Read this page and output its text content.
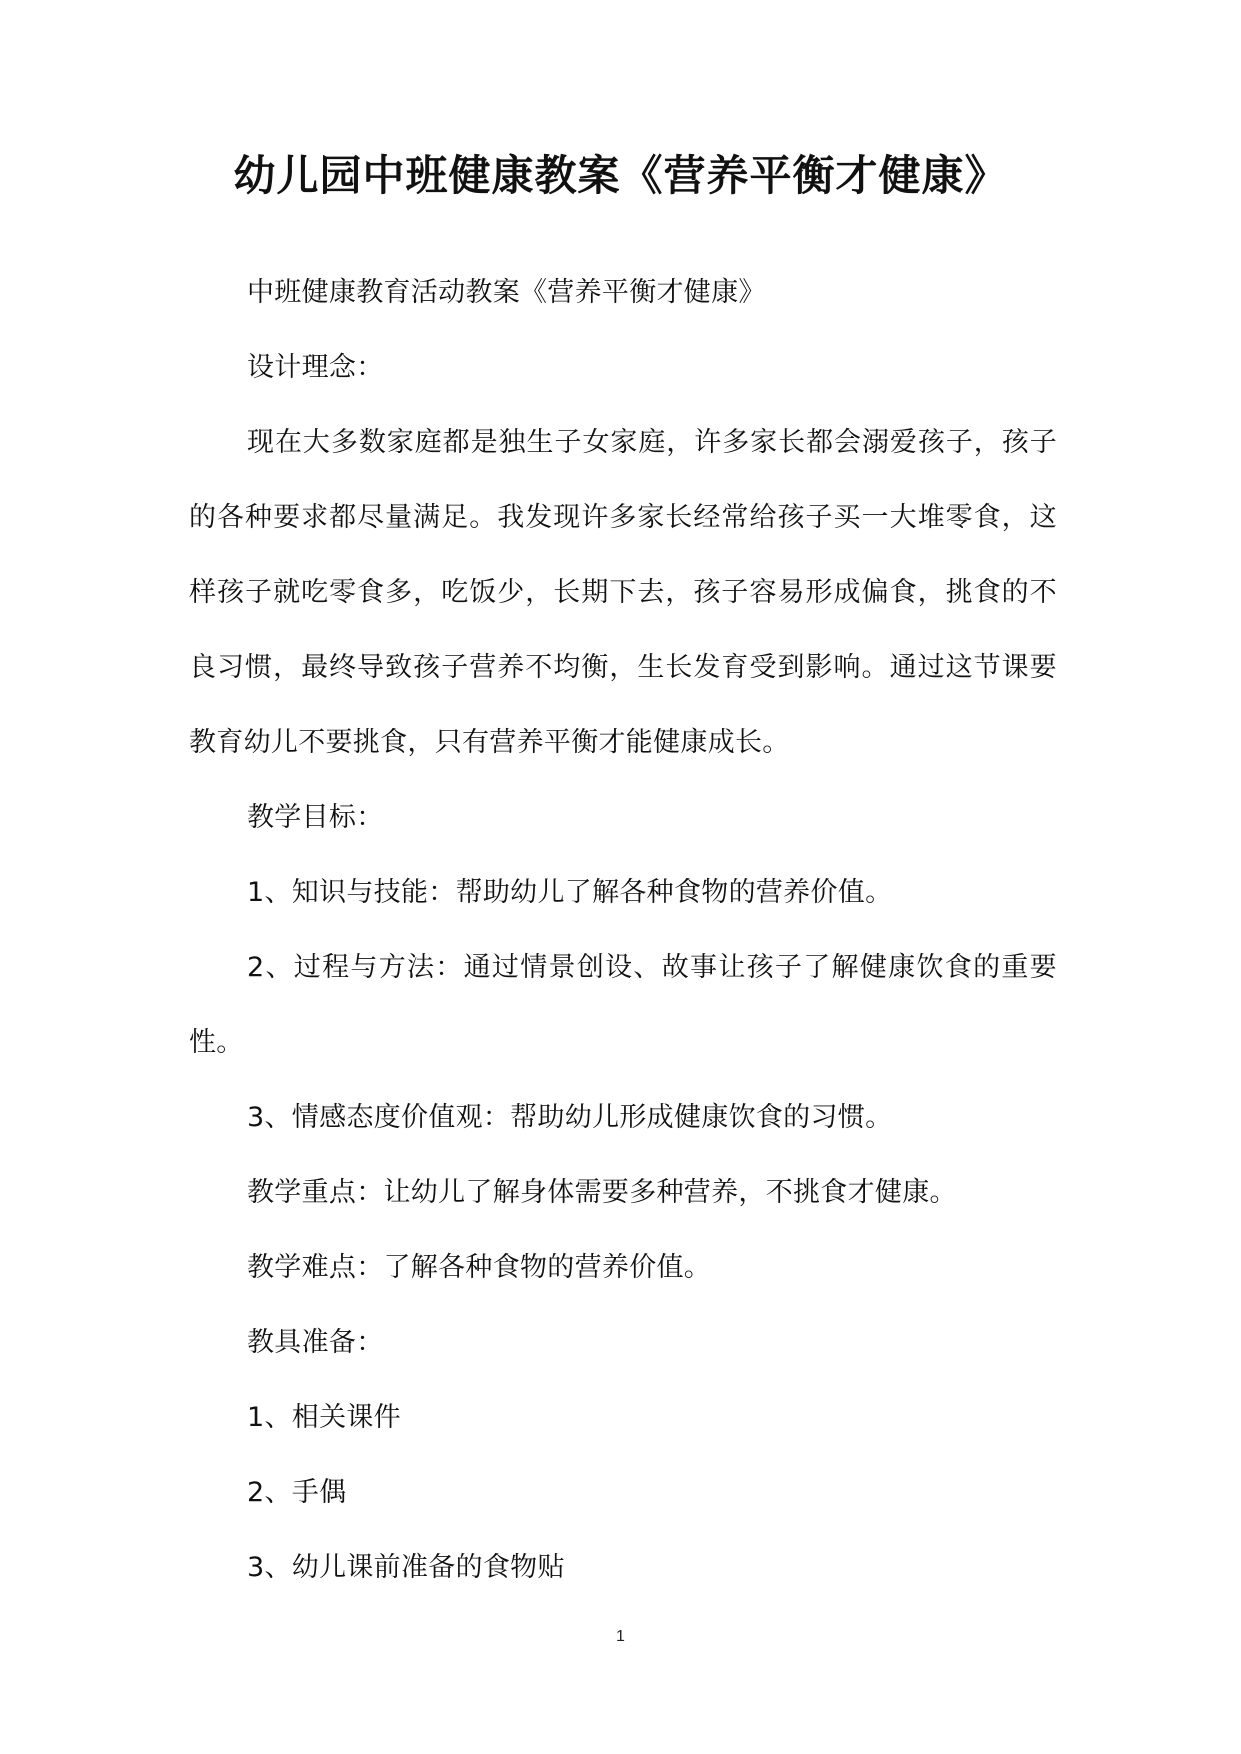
幼儿园中班健康教案《营养平衡才健康》

中班健康教育活动教案《营养平衡才健康》

设计理念：

现在大多数家庭都是独生子女家庭，许多家长都会溺爱孩子，孩子的各种要求都尽量满足。我发现许多家长经常给孩子买一大堆零食，这样孩子就吃零食多，吃饭少，长期下去，孩子容易形成偏食，挑食的不良习惯，最终导致孩子营养不均衡，生长发育受到影响。通过这节课要教育幼儿不要挑食，只有营养平衡才能健康成长。

教学目标：

1、知识与技能：帮助幼儿了解各种食物的营养价值。

2、过程与方法：通过情景创设、故事让孩子了解健康饮食的重要性。

3、情感态度价值观：帮助幼儿形成健康饮食的习惯。

教学重点：让幼儿了解身体需要多种营养，不挑食才健康。

教学难点：了解各种食物的营养价值。

教具准备：

1、相关课件

2、手偶

3、幼儿课前准备的食物贴

1
